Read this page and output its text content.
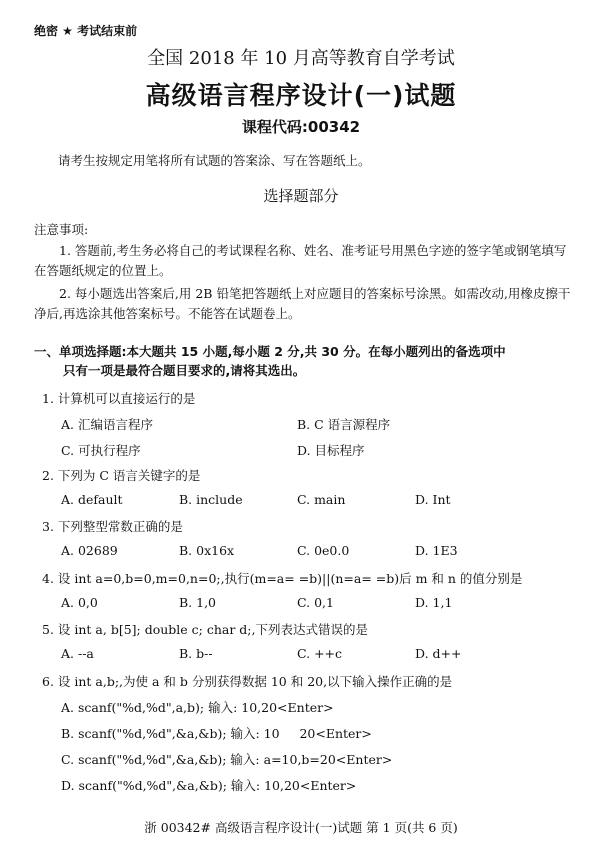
绝密 ★ 考试结束前
全国 2018 年 10 月高等教育自学考试
高级语言程序设计(一)试题
课程代码:00342
请考生按规定用笔将所有试题的答案涂、写在答题纸上。
选择题部分
注意事项:
1. 答题前,考生务必将自己的考试课程名称、姓名、准考证号用黑色字迹的签字笔或钢笔填写在答题纸规定的位置上。
2. 每小题选出答案后,用 2B 铅笔把答题纸上对应题目的答案标号涂黑。如需改动,用橡皮擦干净后,再选涂其他答案标号。不能答在试题卷上。
一、单项选择题:本大题共 15 小题,每小题 2 分,共 30 分。在每小题列出的备选项中
只有一项是最符合题目要求的,请将其选出。
1. 计算机可以直接运行的是
A. 汇编语言程序	B. C 语言源程序
C. 可执行程序	D. 目标程序
2. 下列为 C 语言关键字的是
A. default	B. include	C. main	D. Int
3. 下列整型常数正确的是
A. 02689	B. 0x16x	C. 0e0.0	D. 1E3
4. 设 int a=0,b=0,m=0,n=0;,执行(m=a= =b)||(n=a= =b)后 m 和 n 的值分别是
A. 0,0	B. 1,0	C. 0,1	D. 1,1
5. 设 int a, b[5]; double c; char d;,下列表达式错误的是
A. --a	B. b--	C. ++c	D. d++
6. 设 int a,b;,为使 a 和 b 分别获得数据 10 和 20,以下输入操作正确的是
A. scanf("%d,%d",a,b); 输入: 10,20<Enter>
B. scanf("%d,%d",&a,&b); 输入: 10     20<Enter>
C. scanf("%d,%d",&a,&b); 输入: a=10,b=20<Enter>
D. scanf("%d,%d",&a,&b); 输入: 10,20<Enter>
浙 00342# 高级语言程序设计(一)试题 第 1 页(共 6 页)
